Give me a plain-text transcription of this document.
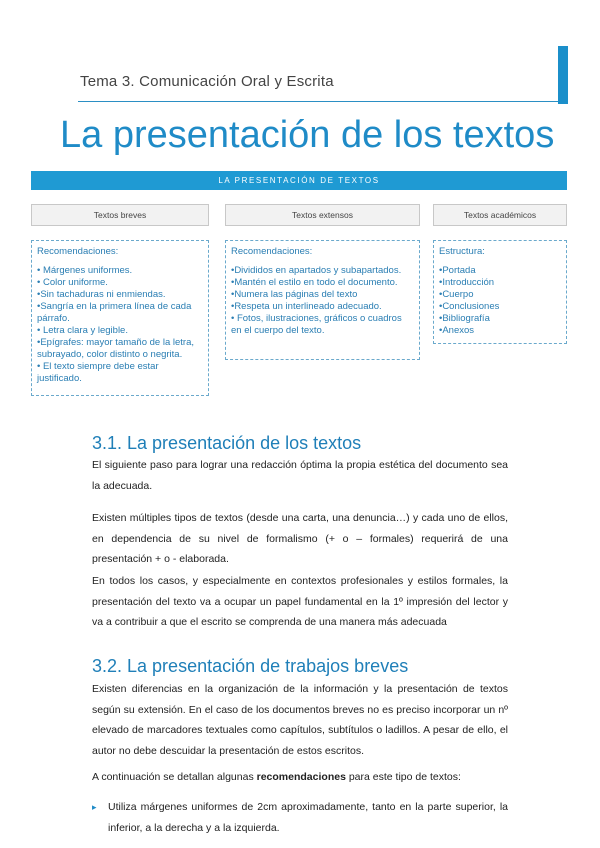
Tema 3. Comunicación Oral y Escrita
La presentación de los textos
LA PRESENTACIÓN DE TEXTOS
Textos breves	Textos extensos	Textos académicos
Recomendaciones:
• Márgenes uniformes.
• Color uniforme.
•Sin tachaduras ni enmiendas.
•Sangría en la primera línea de cada párrafo.
• Letra clara y legible.
•Epígrafes: mayor tamaño de la letra, subrayado, color distinto o negrita.
• El texto siempre debe estar justificado.
Recomendaciones:
•Divididos en apartados y subapartados.
•Mantén el estilo en todo el documento.
•Numera las páginas del texto
•Respeta un interlineado adecuado.
• Fotos, ilustraciones, gráficos o cuadros en el cuerpo del texto.
Estructura:
•Portada
•Introducción
•Cuerpo
•Conclusiones
•Bibliografía
•Anexos
3.1. La presentación de los textos
El siguiente paso para lograr una redacción óptima la propia estética del documento sea la adecuada.
Existen múltiples tipos de textos (desde una carta, una denuncia…) y cada uno de ellos, en dependencia de su nivel de formalismo (+ o – formales) requerirá de una presentación + o - elaborada.
En todos los casos, y especialmente en contextos profesionales y estilos formales, la presentación del texto va a ocupar un papel fundamental en la 1º impresión del lector y va a contribuir a que el escrito se comprenda de una manera más adecuada
3.2. La presentación de trabajos breves
Existen diferencias en la organización de la información y la presentación de textos según su extensión. En el caso de los documentos breves no es preciso incorporar un nº elevado de marcadores textuales como capítulos, subtítulos o ladillos. A pesar de ello, el autor no debe descuidar la presentación de estos escritos.
A continuación se detallan algunas recomendaciones para este tipo de textos:
▸ Utiliza márgenes uniformes de 2cm aproximadamente, tanto en la parte superior, la inferior, a la derecha y a la izquierda.
